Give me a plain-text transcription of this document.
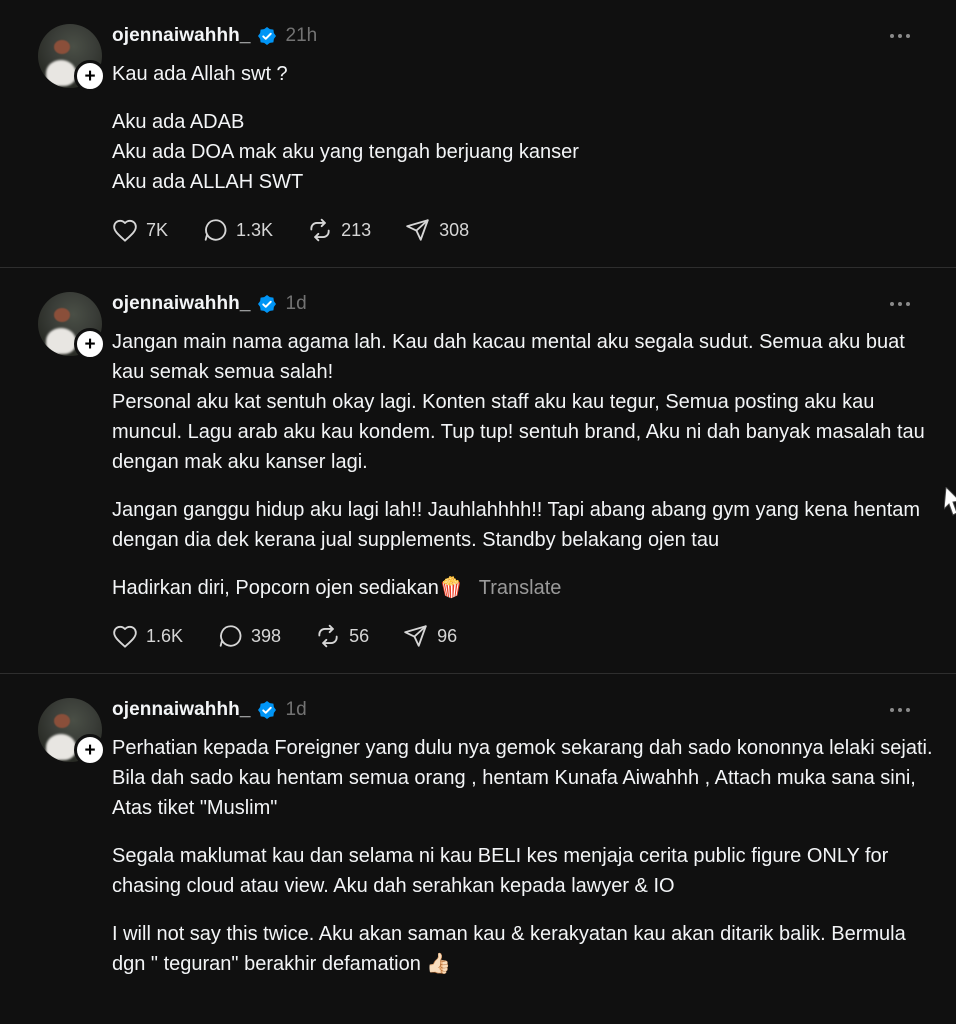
+
ojennaiwahhh_ 21h
Kau ada Allah swt ?
Aku ada ADAB
Aku ada DOA mak aku yang tengah berjuang kanser
Aku ada ALLAH SWT
7K	1.3K	213	308
+
ojennaiwahhh_ 1d
Jangan main nama agama lah. Kau dah kacau mental aku segala sudut. Semua aku buat kau semak semua salah!
Personal aku kat sentuh okay lagi. Konten staff aku kau tegur, Semua posting aku kau muncul. Lagu arab aku kau kondem. Tup tup! sentuh brand, Aku ni dah banyak masalah tau dengan mak aku kanser lagi.
Jangan ganggu hidup aku lagi lah!! Jauhlahhhh!! Tapi abang abang gym yang kena hentam dengan dia dek kerana jual supplements. Standby belakang ojen tau
Hadirkan diri, Popcorn ojen sediakan🍿 Translate
1.6K	398	56	96
+
ojennaiwahhh_ 1d
Perhatian kepada Foreigner yang dulu nya gemok sekarang dah sado kononnya lelaki sejati. Bila dah sado kau hentam semua orang , hentam Kunafa Aiwahhh , Attach muka sana sini, Atas tiket "Muslim"
Segala maklumat kau dan selama ni kau BELI kes menjaja cerita public figure ONLY for chasing cloud atau view. Aku dah serahkan kepada lawyer & IO
I will not say this twice. Aku akan saman kau & kerakyatan kau akan ditarik balik. Bermula dgn " teguran" berakhir defamation 👍🏻
